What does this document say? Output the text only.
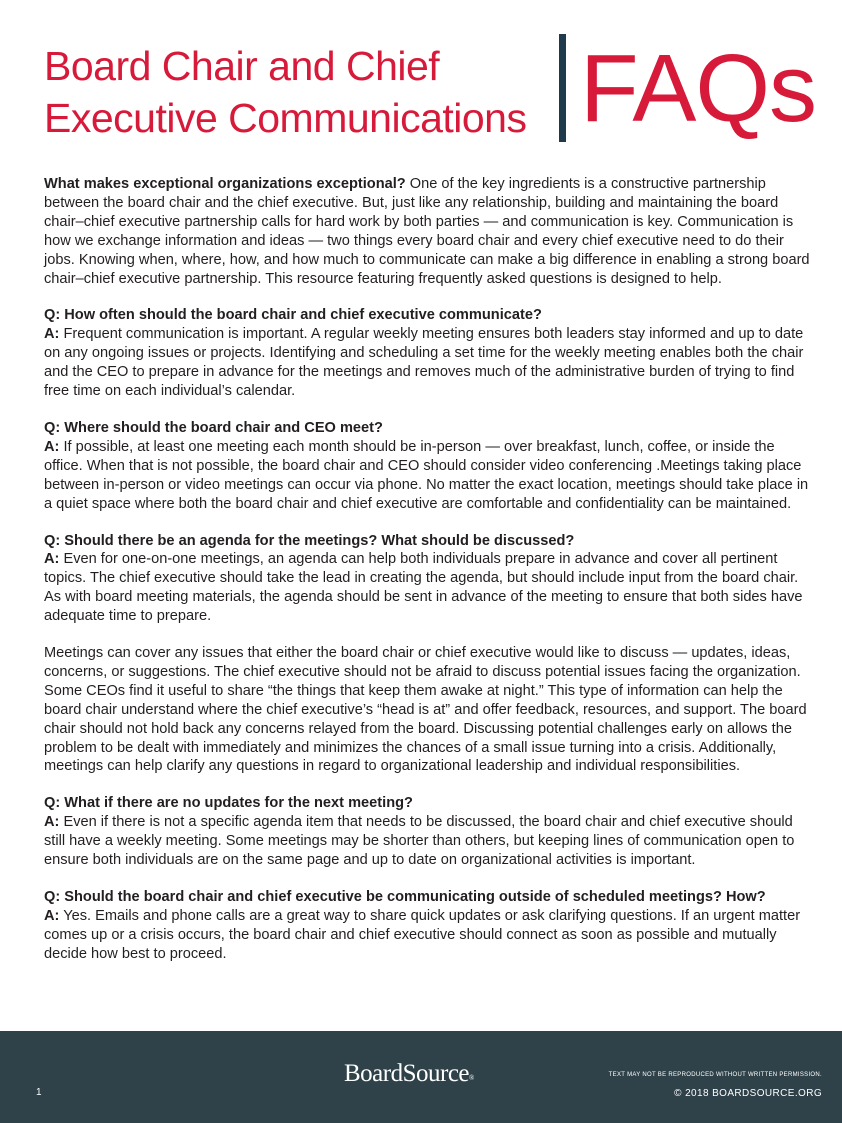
Board Chair and Chief
Executive Communications FAQs

What makes exceptional organizations exceptional? One of the key ingredients is a constructive partnership between the board chair and the chief executive. But, just like any relationship, building and maintaining the board chair–chief executive partnership calls for hard work by both parties — and communication is key. Communication is how we exchange information and ideas — two things every board chair and every chief executive need to do their jobs. Knowing when, where, how, and how much to communicate can make a big difference in enabling a strong board chair–chief executive partnership. This resource featuring frequently asked questions is designed to help.

Q: How often should the board chair and chief executive communicate?

A: Frequent communication is important. A regular weekly meeting ensures both leaders stay informed and up to date on any ongoing issues or projects. Identifying and scheduling a set time for the weekly meeting enables both the chair and the CEO to prepare in advance for the meetings and removes much of the administrative burden of trying to find free time on each individual’s calendar.

Q: Where should the board chair and CEO meet?

A: If possible, at least one meeting each month should be in-person — over breakfast, lunch, coffee, or inside the office. When that is not possible, the board chair and CEO should consider video conferencing .Meetings taking place between in-person or video meetings can occur via phone. No matter the exact location, meetings should take place in a quiet space where both the board chair and chief executive are comfortable and confidentiality can be maintained.

Q: Should there be an agenda for the meetings? What should be discussed?

A: Even for one-on-one meetings, an agenda can help both individuals prepare in advance and cover all pertinent topics. The chief executive should take the lead in creating the agenda, but should include input from the board chair. As with board meeting materials, the agenda should be sent in advance of the meeting to ensure that both sides have adequate time to prepare.

Meetings can cover any issues that either the board chair or chief executive would like to discuss — updates, ideas, concerns, or suggestions. The chief executive should not be afraid to discuss potential issues facing the organization. Some CEOs find it useful to share “the things that keep them awake at night.” This type of information can help the board chair understand where the chief executive’s “head is at” and offer feedback, resources, and support. The board chair should not hold back any concerns relayed from the board. Discussing potential challenges early on allows the problem to be dealt with immediately and minimizes the chances of a small issue turning into a crisis. Additionally, meetings can help clarify any questions in regard to organizational leadership and individual responsibilities.

Q: What if there are no updates for the next meeting?

A: Even if there is not a specific agenda item that needs to be discussed, the board chair and chief executive should still have a weekly meeting. Some meetings may be shorter than others, but keeping lines of communication open to ensure both individuals are on the same page and up to date on organizational activities is important.

Q: Should the board chair and chief executive be communicating outside of scheduled meetings? How?

A: Yes. Emails and phone calls are a great way to share quick updates or ask clarifying questions. If an urgent matter comes up or a crisis occurs, the board chair and chief executive should connect as soon as possible and mutually decide how best to proceed.

1
BoardSource®	TEXT MAY NOT BE REPRODUCED WITHOUT WRITTEN PERMISSION.
© 2018 BOARDSOURCE.ORG
